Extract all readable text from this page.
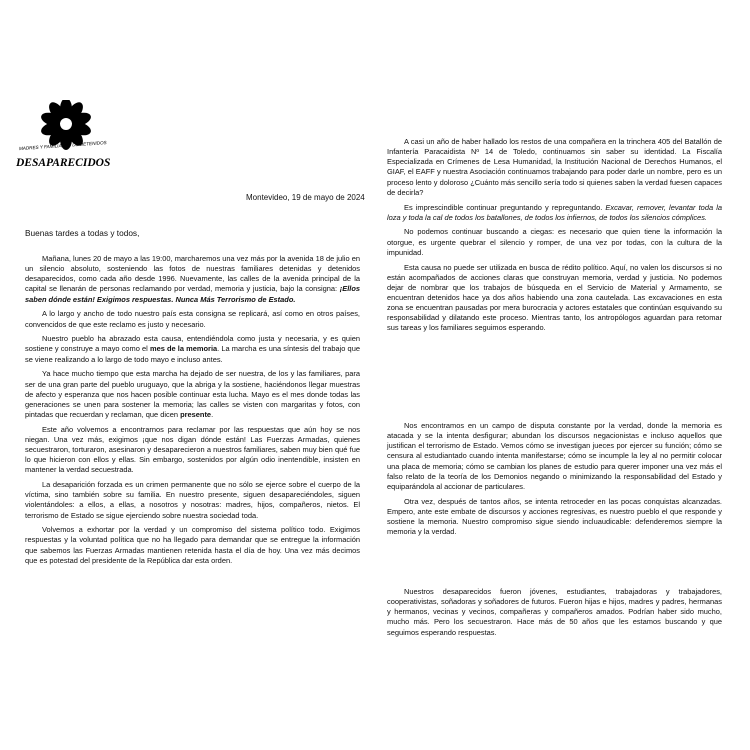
MADRES Y FAMILIARES DE DETENIDOS
DESAPARECIDOS
Montevideo, 19 de mayo de 2024
Buenas tardes a todas y todos,

Mañana, lunes 20 de mayo a las 19:00, marcharemos una vez más por la avenida 18 de julio en un silencio absoluto, sosteniendo las fotos de nuestras familiares detenidas y detenidos desaparecidos, como cada año desde 1996. Nuevamente, las calles de la avenida principal de la capital se llenarán de personas reclamando por verdad, memoria y justicia, bajo la consigna: ¡Ellos saben dónde están! Exigimos respuestas. Nunca Más Terrorismo de Estado.

A lo largo y ancho de todo nuestro país esta consigna se replicará, así como en otros países, convencidos de que este reclamo es justo y necesario.

Nuestro pueblo ha abrazado esta causa, entendiéndola como justa y necesaria, y es quien sostiene y construye a mayo como el mes de la memoria. La marcha es una síntesis del trabajo que se viene realizando a lo largo de todo mayo e incluso antes.

Ya hace mucho tiempo que esta marcha ha dejado de ser nuestra, de los y las familiares, para ser de una gran parte del pueblo uruguayo, que la abriga y la sostiene, haciéndonos llegar muestras de afecto y esperanza que nos hacen posible continuar esta lucha. Mayo es el mes donde todas las generaciones se unen para sostener la memoria; las calles se visten con margaritas y fotos, con pintadas que recuerdan y reclaman, que dicen presente.

Este año volvemos a encontrarnos para reclamar por las respuestas que aún hoy se nos niegan. Una vez más, exigimos ¡que nos digan dónde están! Las Fuerzas Armadas, quienes secuestraron, torturaron, asesinaron y desaparecieron a nuestros familiares, saben muy bien qué fue lo que hicieron con ellos y ellas. Sin embargo, sostenidos por algún odio inentendible, insisten en mantener la verdad secuestrada.

La desaparición forzada es un crimen permanente que no sólo se ejerce sobre el cuerpo de la víctima, sino también sobre su familia. En nuestro presente, siguen desapareciéndoles, siguen violentándoles: a ellos, a ellas, a nosotros y nosotras: madres, hijos, compañeros, nietos. El terrorismo de Estado se sigue ejerciendo sobre nuestra sociedad toda.

Volvemos a exhortar por la verdad y un compromiso del sistema político todo. Exigimos respuestas y la voluntad política que no ha llegado para demandar que se entregue la información que sabemos las Fuerzas Armadas mantienen retenida hasta el día de hoy. Una vez más decimos que es potestad del presidente de la República dar esta orden.

A casi un año de haber hallado los restos de una compañera en la trinchera 405 del Batallón de Infantería Paracaidista Nº 14 de Toledo, continuamos sin saber su identidad. La Fiscalía Especializada en Crímenes de Lesa Humanidad, la Institución Nacional de Derechos Humanos, el GIAF, el EAFF y nuestra Asociación continuamos trabajando para poder darle un nombre, pero es un proceso lento y doloroso ¿Cuánto más sencillo sería todo si quienes saben la verdad fuesen capaces de decirla?

Es imprescindible continuar preguntando y repreguntando. Excavar, remover, levantar toda la loza y toda la cal de todos los batallones, de todos los infiernos, de todos los silencios cómplices.

No podemos continuar buscando a ciegas: es necesario que quien tiene la información la otorgue, es urgente quebrar el silencio y romper, de una vez por todas, con la cultura de la impunidad.

Esta causa no puede ser utilizada en busca de rédito político. Aquí, no valen los discursos si no están acompañados de acciones claras que construyan memoria, verdad y justicia. No podemos dejar de nombrar que los trabajos de búsqueda en el Servicio de Material y Armamento, se encuentran detenidos hace ya dos años habiendo una zona cautelada. Las excavaciones en esta zona se encuentran pausadas por mera burocracia y actores estatales que continúan esquivando su responsabilidad y dilatando este proceso. Mientras tanto, los antropólogos aguardan para retomar sus tareas y los familiares seguimos esperando.

Nos encontramos en un campo de disputa constante por la verdad, donde la memoria es atacada y se la intenta desfigurar; abundan los discursos negacionistas e incluso aquellos que justifican el terrorismo de Estado. Vemos cómo se investigan jueces por ejercer su función; cómo se censura al estudiantado cuando intenta manifestarse; cómo se incumple la ley al no permitir colocar una placa de memoria; cómo se cambian los planes de estudio para querer imponer una vez más el falso relato de la teoría de los Demonios negando o minimizando la responsabilidad del Estado y equiparándola al accionar de particulares.

Otra vez, después de tantos años, se intenta retroceder en las pocas conquistas alcanzadas. Empero, ante este embate de discursos y acciones regresivas, es nuestro pueblo el que responde y sostiene la memoria. Nuestro compromiso sigue siendo incluaudicable: defenderemos siempre la memoria y la verdad.

Nuestros desaparecidos fueron jóvenes, estudiantes, trabajadoras y trabajadores, cooperativistas, soñadoras y soñadores de futuros. Fueron hijas e hijos, madres y padres, hermanas y hermanos, vecinas y vecinos, compañeras y compañeros amados. Podrían haber sido mucho, mucho más. Pero los secuestraron. Hace más de 50 años que les estamos buscando y que seguimos esperando respuestas.
